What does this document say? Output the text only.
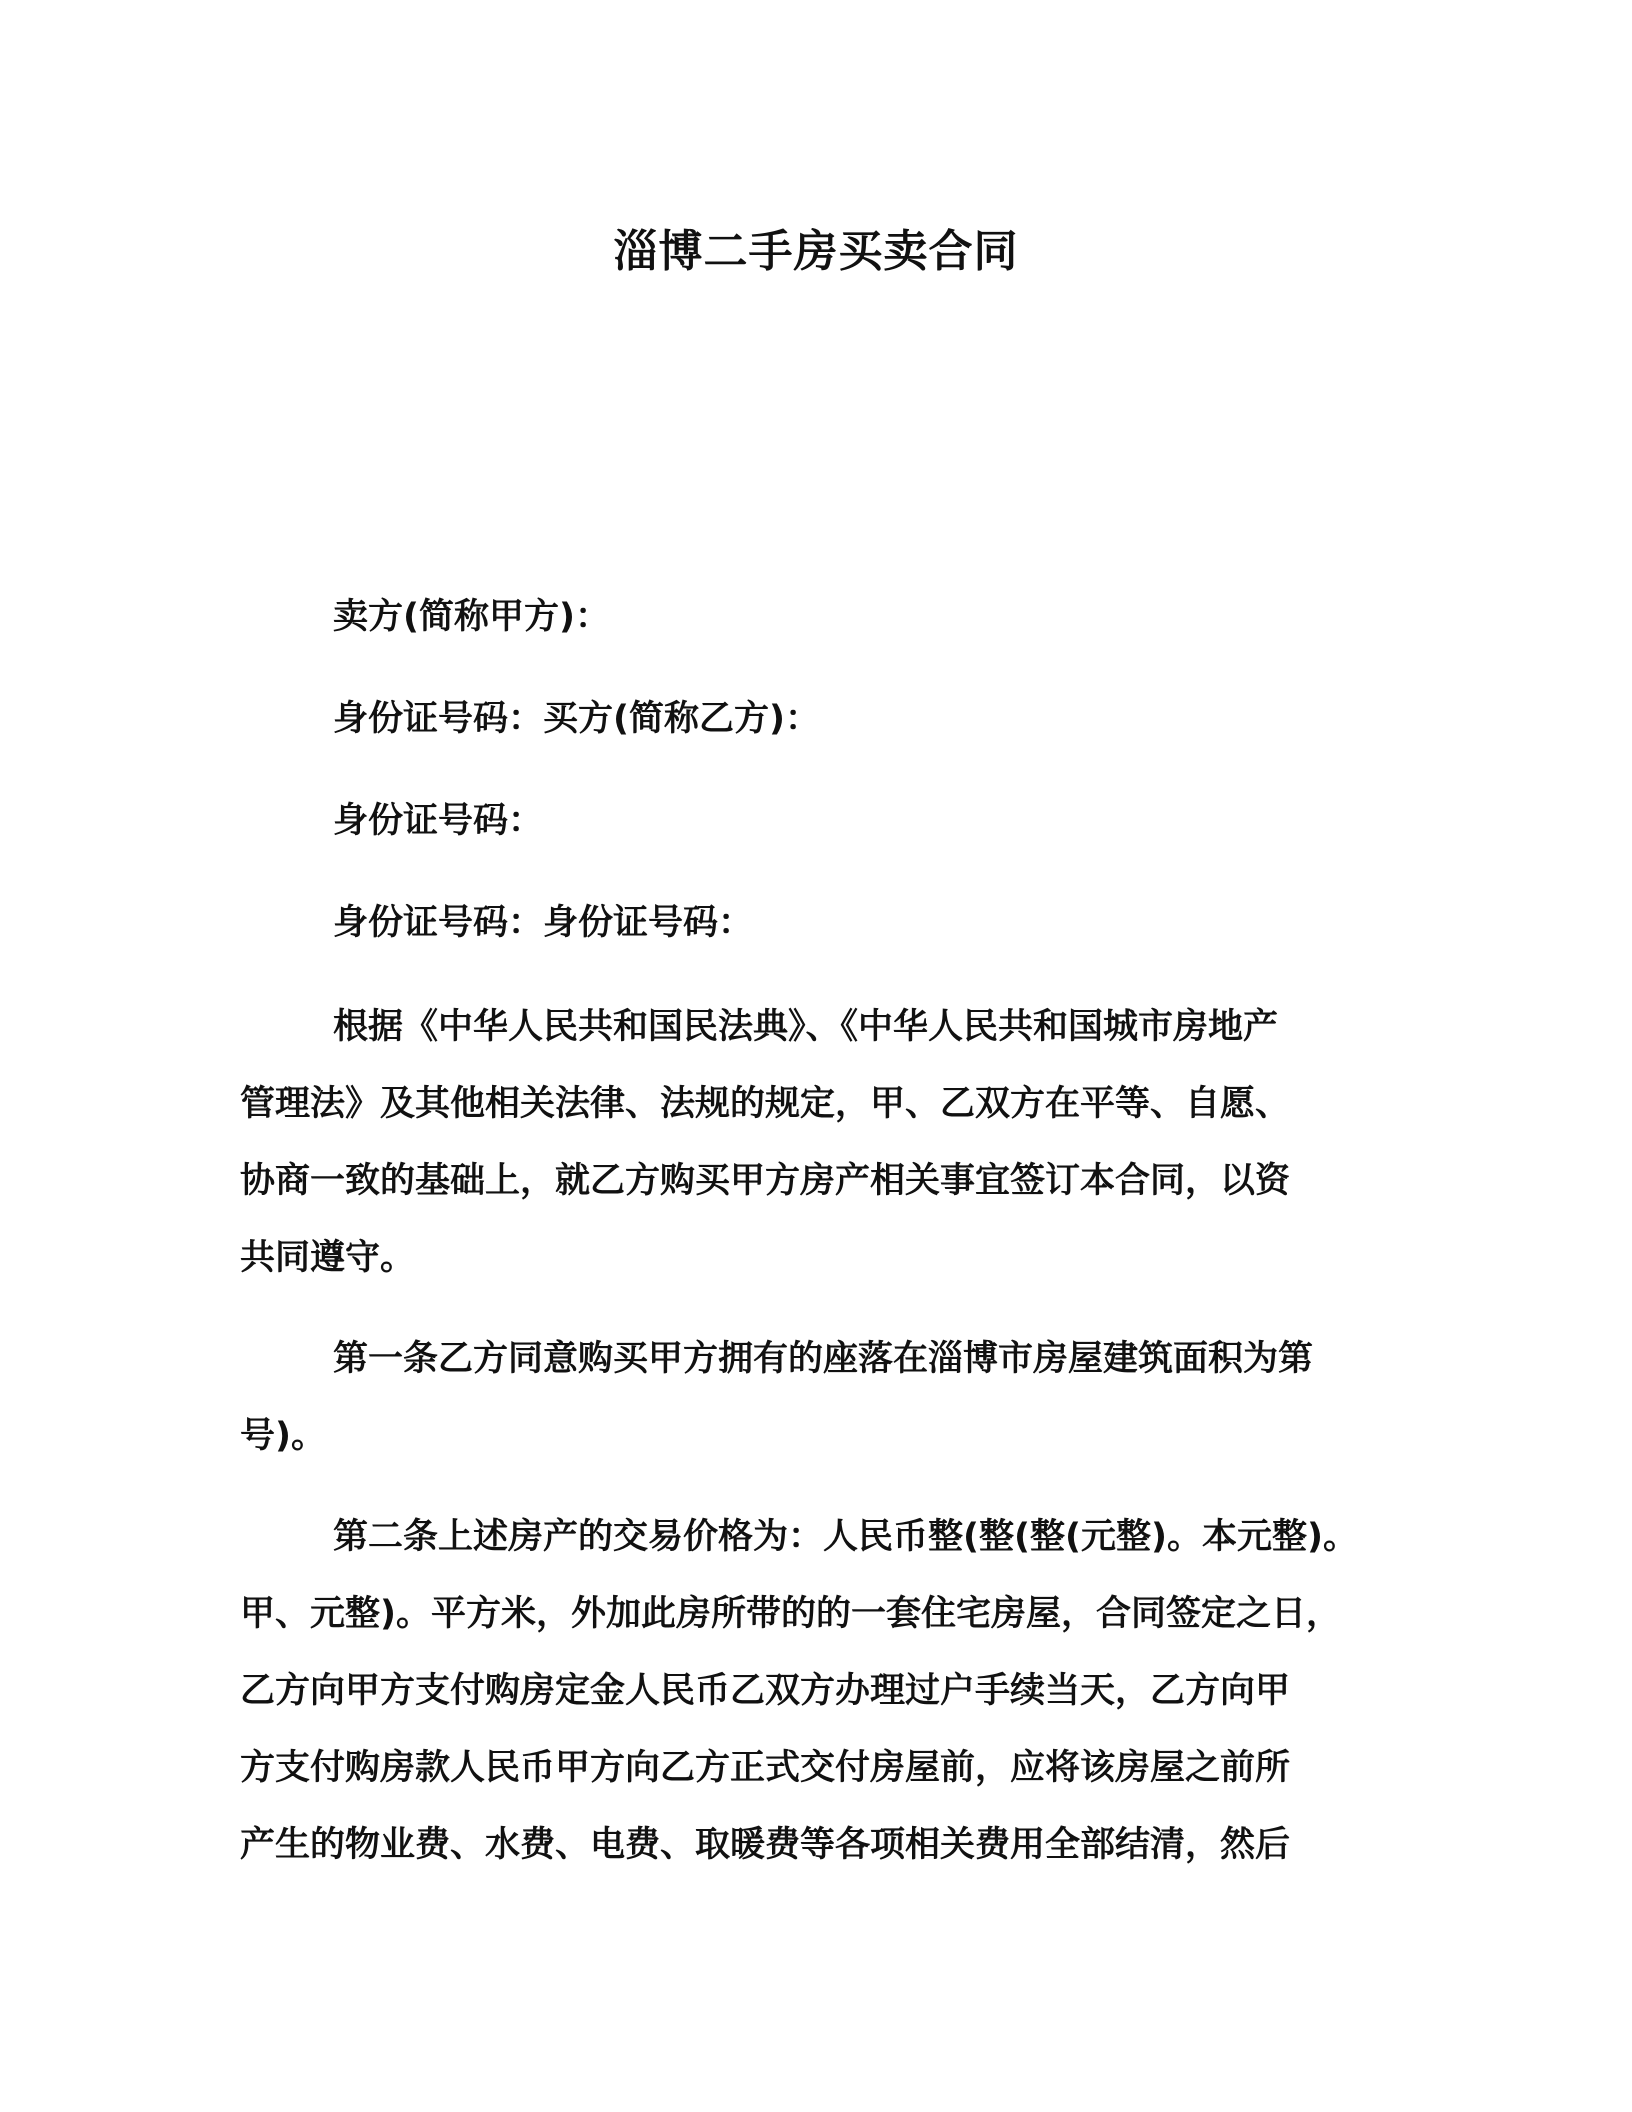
淄博二手房买卖合同
卖方(简称甲方)：
身份证号码：买方(简称乙方)：
身份证号码：
身份证号码：身份证号码：
根据《中华人民共和国民法典》、《中华人民共和国城市房地产
管理法》及其他相关法律、法规的规定，甲、乙双方在平等、自愿、
协商一致的基础上，就乙方购买甲方房产相关事宜签订本合同，以资
共同遵守。
第一条乙方同意购买甲方拥有的座落在淄博市房屋建筑面积为第
号)。
第二条上述房产的交易价格为：人民币整(整(整(元整)。本元整)。
甲、元整)。平方米，外加此房所带的的一套住宅房屋，合同签定之日，
乙方向甲方支付购房定金人民币乙双方办理过户手续当天，乙方向甲
方支付购房款人民币甲方向乙方正式交付房屋前，应将该房屋之前所
产生的物业费、水费、电费、取暖费等各项相关费用全部结清，然后
